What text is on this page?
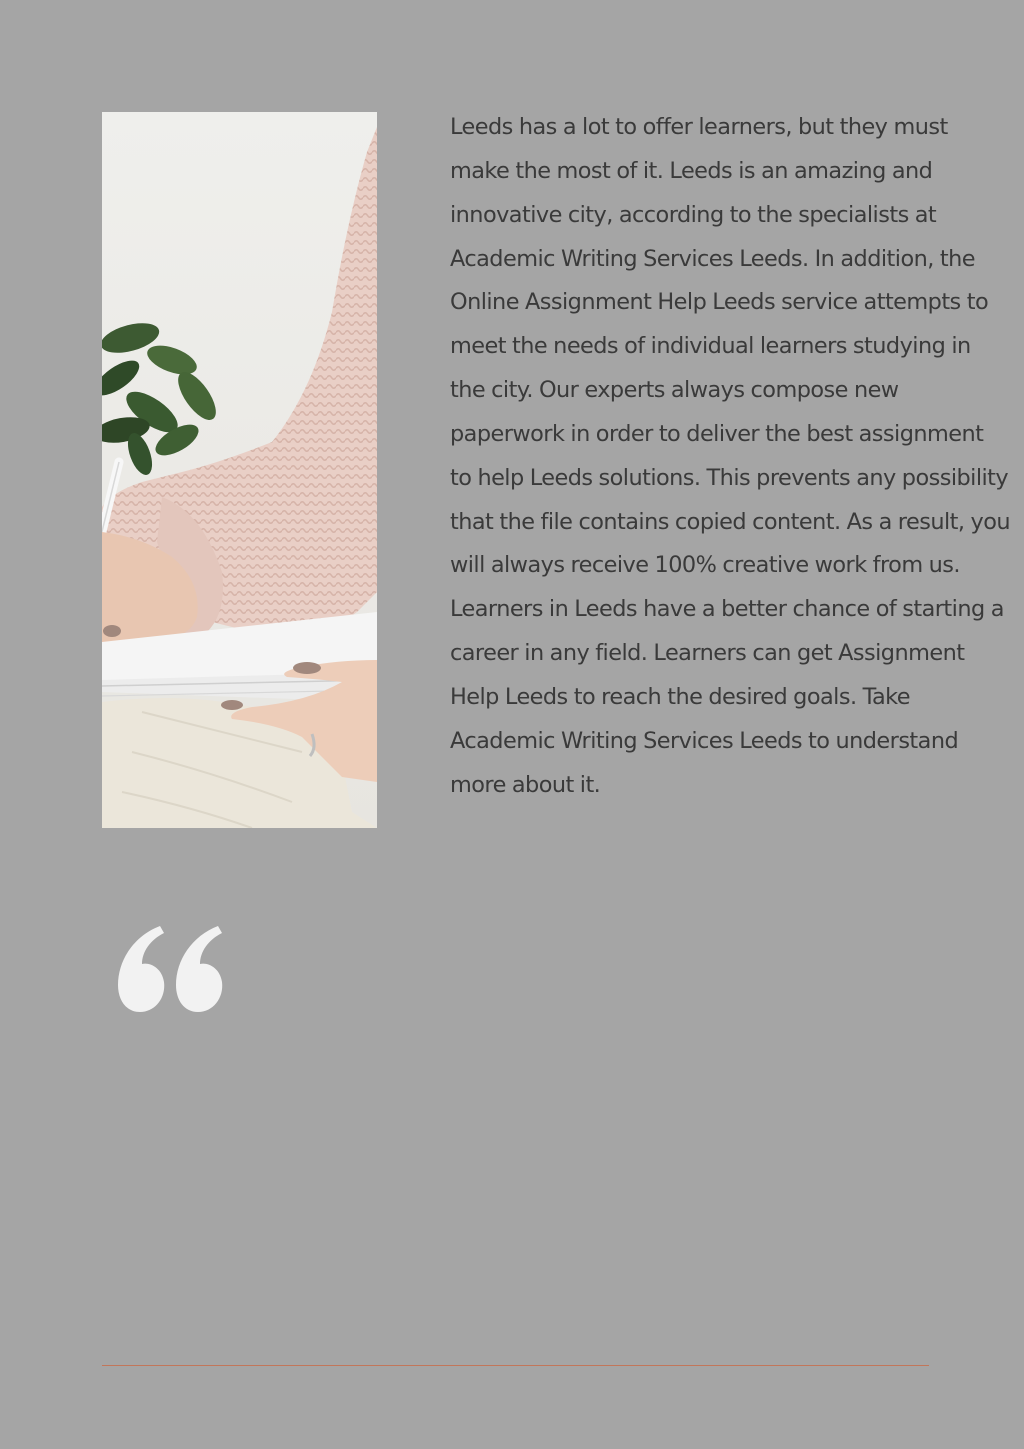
Leeds has a lot to offer learners, but they must make the most of it. Leeds is an amazing and innovative city, according to the specialists at Academic Writing Services Leeds. In addition, the Online Assignment Help Leeds service attempts to meet the needs of individual learners studying in the city. Our experts always compose new paperwork in order to deliver the best assignment to help Leeds solutions. This prevents any possibility that the file contains copied content. As a result, you will always receive 100% creative work from us. Learners in Leeds have a better chance of starting a career in any field. Learners can get Assignment Help Leeds to reach the desired goals. Take Academic Writing Services Leeds to understand more about it.
